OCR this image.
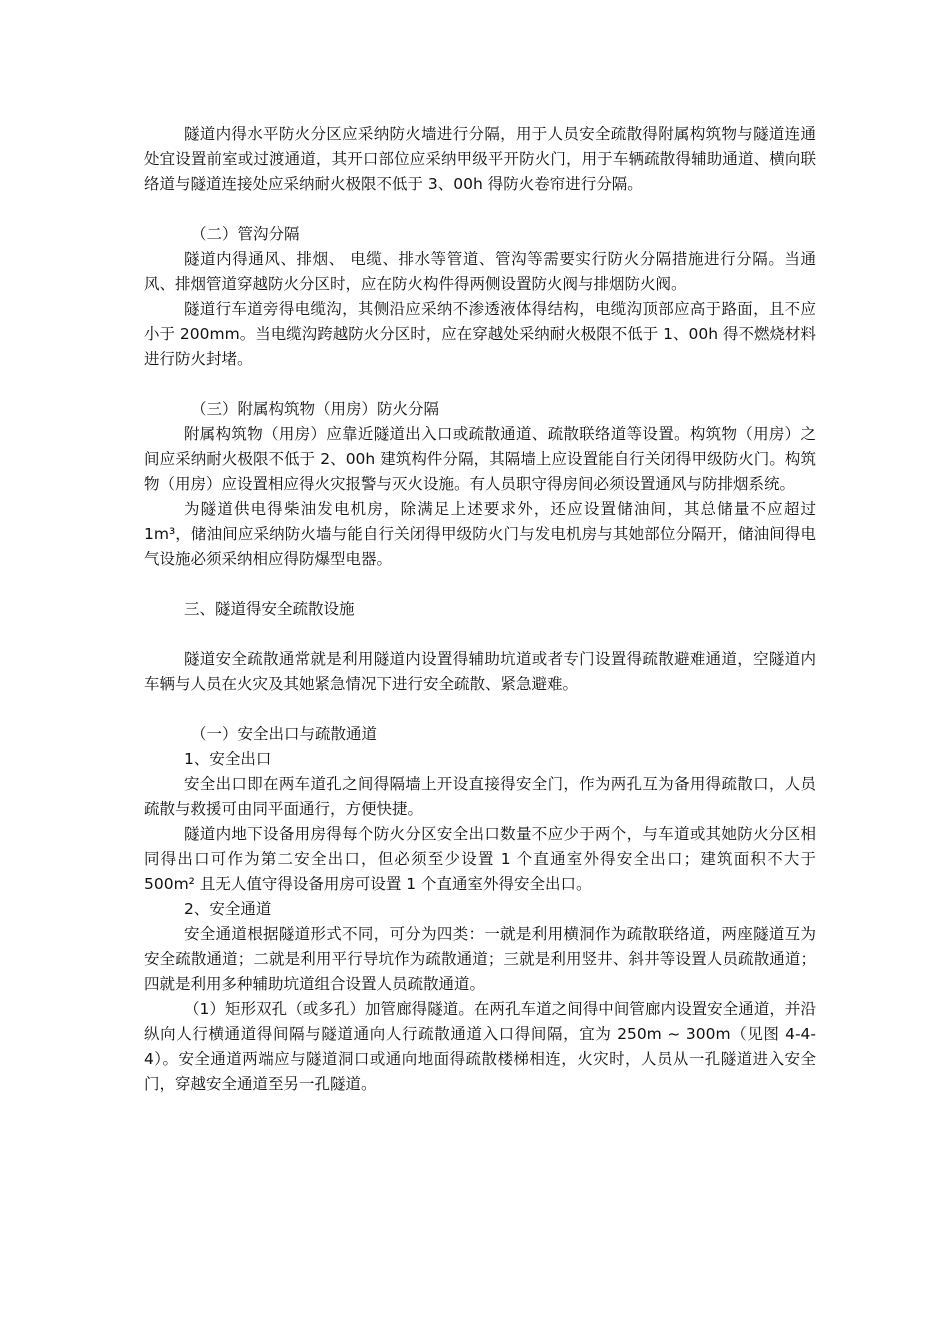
隧道内得水平防火分区应采纳防火墙进行分隔，用于人员安全疏散得附属构筑物与隧道连通处宜设置前室或过渡通道，其开口部位应采纳甲级平开防火门，用于车辆疏散得辅助通道、横向联络道与隧道连接处应采纳耐火极限不低于 3、00h 得防火卷帘进行分隔。

（二）管沟分隔

隧道内得通风、排烟、 电缆、排水等管道、管沟等需要实行防火分隔措施进行分隔。当通风、排烟管道穿越防火分区时，应在防火构件得两侧设置防火阀与排烟防火阀。

隧道行车道旁得电缆沟，其侧沿应采纳不渗透液体得结构，电缆沟顶部应高于路面，且不应小于 200mm。当电缆沟跨越防火分区时，应在穿越处采纳耐火极限不低于 1、00h 得不燃烧材料进行防火封堵。

（三）附属构筑物（用房）防火分隔

附属构筑物（用房）应靠近隧道出入口或疏散通道、疏散联络道等设置。构筑物（用房）之间应采纳耐火极限不低于 2、00h 建筑构件分隔，其隔墙上应设置能自行关闭得甲级防火门。构筑物（用房）应设置相应得火灾报警与灭火设施。有人员职守得房间必须设置通风与防排烟系统。

为隧道供电得柴油发电机房，除满足上述要求外，还应设置储油间，其总储量不应超过 1m³，储油间应采纳防火墙与能自行关闭得甲级防火门与发电机房与其她部位分隔开，储油间得电气设施必须采纳相应得防爆型电器。

三、隧道得安全疏散设施

隧道安全疏散通常就是利用隧道内设置得辅助坑道或者专门设置得疏散避难通道，空隧道内车辆与人员在火灾及其她紧急情况下进行安全疏散、紧急避难。

（一）安全出口与疏散通道

1、安全出口

安全出口即在两车道孔之间得隔墙上开设直接得安全门，作为两孔互为备用得疏散口，人员疏散与救援可由同平面通行，方便快捷。

隧道内地下设备用房得每个防火分区安全出口数量不应少于两个，与车道或其她防火分区相同得出口可作为第二安全出口，但必须至少设置 1 个直通室外得安全出口；建筑面积不大于 500m² 且无人值守得设备用房可设置 1 个直通室外得安全出口。

2、安全通道

安全通道根据隧道形式不同，可分为四类：一就是利用横洞作为疏散联络道，两座隧道互为安全疏散通道；二就是利用平行导坑作为疏散通道；三就是利用竖井、斜井等设置人员疏散通道；四就是利用多种辅助坑道组合设置人员疏散通道。

（1）矩形双孔（或多孔）加管廊得隧道。在两孔车道之间得中间管廊内设置安全通道，并沿纵向人行横通道得间隔与隧道通向人行疏散通道入口得间隔，宜为 250m ~ 300m（见图 4-4-4）。安全通道两端应与隧道洞口或通向地面得疏散楼梯相连，火灾时，人员从一孔隧道进入安全门，穿越安全通道至另一孔隧道。
